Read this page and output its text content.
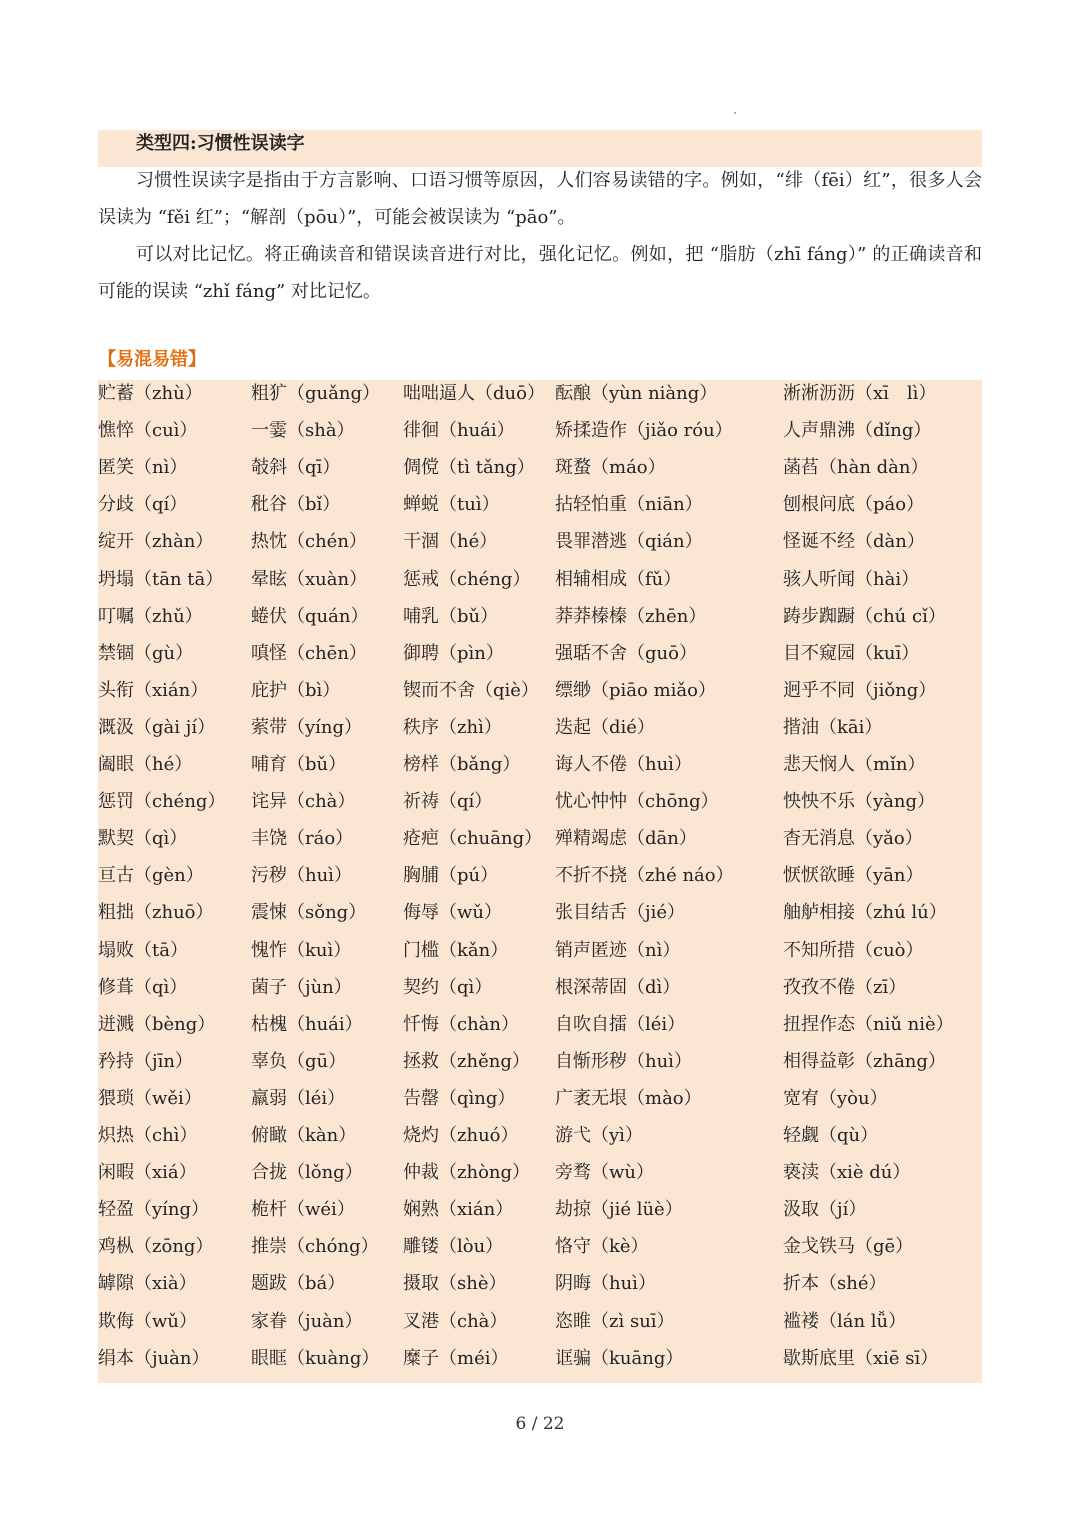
类型四:习惯性误读字
习惯性误读字是指由于方言影响、口语习惯等原因，人们容易读错的字。例如，“绯（fēi）红”，很多人会误读为 “fěi 红”；“解剖（pōu）”，可能会被误读为 “pāo”。
可以对比记忆。将正确读音和错误读音进行对比，强化记忆。例如，把 “脂肪（zhī fáng）” 的正确读音和可能的误读 “zhǐ fáng” 对比记忆。
【易混易错】
贮蓄（zhù）	粗犷（guǎng） 咄咄逼人（duō） 酝酿（yùn niàng）	淅淅沥沥（xī　lì）
憔悴（cuì）	一霎（shà）	徘徊（huái） 矫揉造作（jiǎo róu）	人声鼎沸（dǐng）
匿笑（nì）	攲斜（qī）	倜傥（tì tǎng） 斑蝥（máo）	菡萏（hàn dàn）
分歧（qí）	秕谷（bǐ）	蝉蜕（tuì）	拈轻怕重（niān）	刨根问底（páo）
绽开（zhàn） 热忱（chén） 干涸（hé）	畏罪潜逃（qián）	怪诞不经（dàn）
坍塌（tān tā） 晕眩（xuàn） 惩戒（chéng） 相辅相成（fǔ）	骇人听闻（hài）
叮嘱（zhǔ）	蜷伏（quán） 哺乳（bǔ）	莽莽榛榛（zhēn）	踌步踟蹰（chú cǐ）
禁锢（gù）	嗔怪（chēn） 御聘（pìn）	强聒不舍（guō）	目不窥园（kuī）
头衔（xián） 庇护（bì）	锲而不舍（qiè） 缥缈（piāo miǎo）	迥乎不同（jiǒng）
溉汲（gài jí） 萦带（yíng） 秩序（zhì）	迭起（dié）	揩油（kāi）
阖眼（hé）	哺育（bǔ）	榜样（bǎng） 诲人不倦（huì）	悲天悯人（mǐn）
惩罚（chéng） 诧异（chà）	祈祷（qí）	忧心忡忡（chōng）	怏怏不乐（yàng）
默契（qì）	丰饶（ráo）	疮疤（chuāng） 殚精竭虑（dān）	杳无消息（yǎo）
亘古（gèn）	污秽（huì）	胸脯（pú）	不折不挠（zhé náo）	恹恹欲睡（yān）
粗拙（zhuō） 震悚（sǒng） 侮辱（wǔ）	张目结舌（jié）	舳舻相接（zhú lú）
塌败（tā）	愧怍（kuì）	门槛（kǎn）	销声匿迹（nì）	不知所措（cuò）
修葺（qì）	菌子（jùn）	契约（qì）	根深蒂固（dì）	孜孜不倦（zī）
迸溅（bèng） 枯槐（huái） 忏悔（chàn） 自吹自擂（léi）	扭捏作态（niǔ niè）
矜持（jīn）	辜负（gū）	拯救（zhěng） 自惭形秽（huì）	相得益彰（zhāng）
猥琐（wěi）	羸弱（léi）	告罄（qìng） 广袤无垠（mào）	宽宥（yòu）
炽热（chì）	俯瞰（kàn）	烧灼（zhuó） 游弋（yì）	轻觑（qù）
闲暇（xiá）	合拢（lǒng） 仲裁（zhòng） 旁骛（wù）	亵渎（xiè dú）
轻盈（yíng） 桅杆（wéi）	娴熟（xián） 劫掠（jié lüè）	汲取（jí）
鸡枞（zōng） 推崇（chóng） 雕镂（lòu）	恪守（kè）	金戈铁马（gē）
罅隙（xià）	题跋（bá）	摄取（shè）	阴晦（huì）	折本（shé）
欺侮（wǔ）	家眷（juàn） 叉港（chà）	恣睢（zì suī）	褴褛（lán lǚ）
绢本（juàn） 眼眶（kuàng） 糜子（méi）	诓骗（kuāng）	歇斯底里（xiē sī）
6 / 22
